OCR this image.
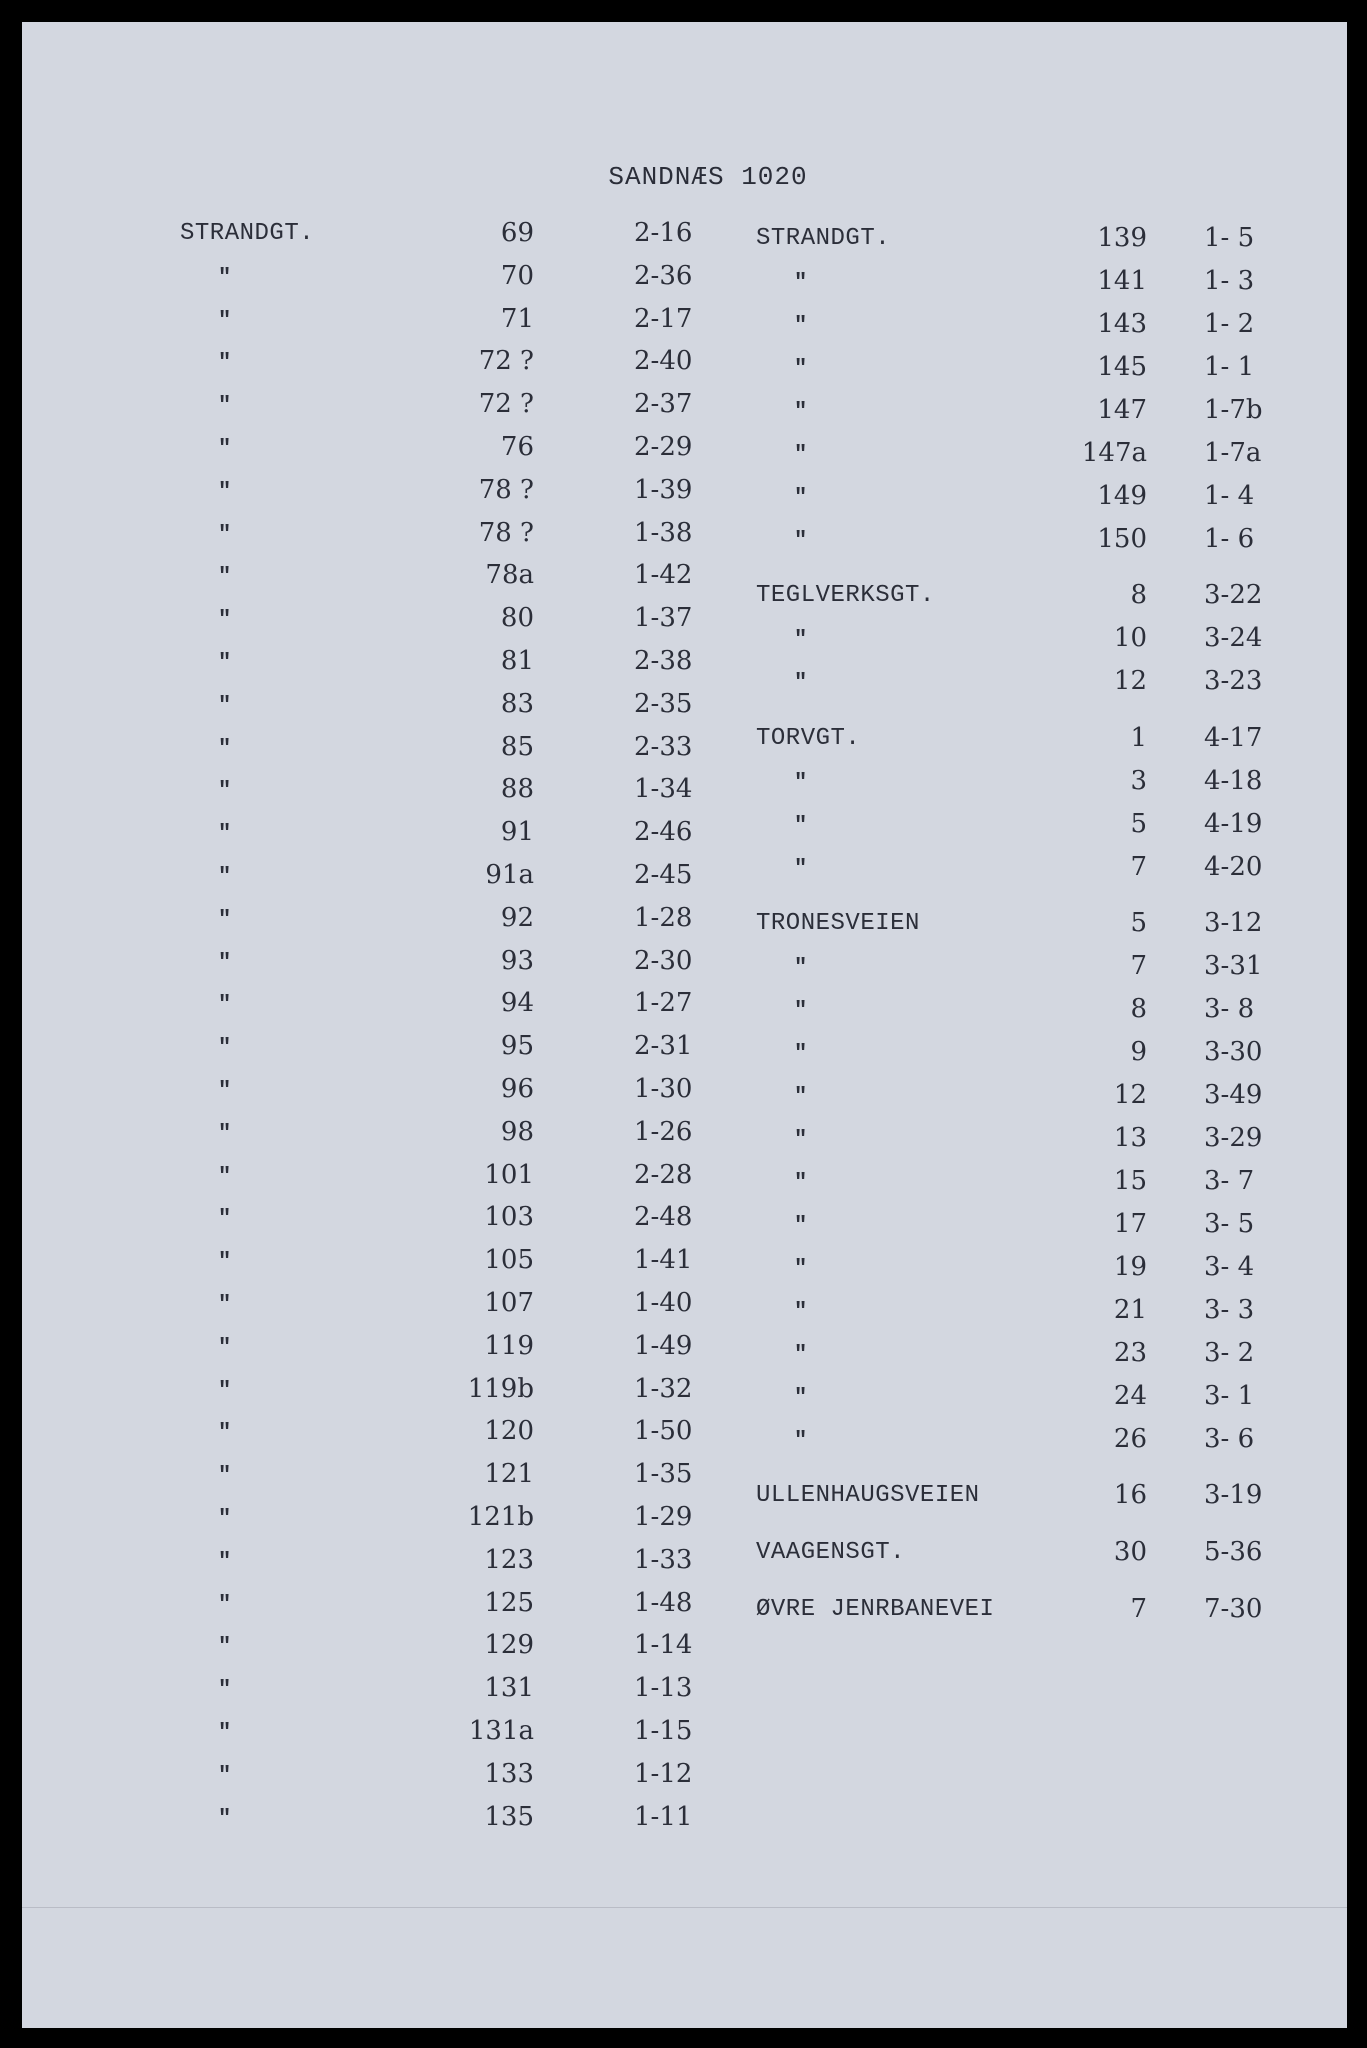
SANDNÆS 1020
STRANDGT.	69	2-16
"	70	2-36
"	71	2-17
"	72 ?	2-40
"	72 ?	2-37
"	76	2-29
"	78 ?	1-39
"	78 ?	1-38
"	78a	1-42
"	80	1-37
"	81	2-38
"	83	2-35
"	85	2-33
"	88	1-34
"	91	2-46
"	91a	2-45
"	92	1-28
"	93	2-30
"	94	1-27
"	95	2-31
"	96	1-30
"	98	1-26
"	101	2-28
"	103	2-48
"	105	1-41
"	107	1-40
"	119	1-49
"	119b	1-32
"	120	1-50
"	121	1-35
"	121b	1-29
"	123	1-33
"	125	1-48
"	129	1-14
"	131	1-13
"	131a	1-15
"	133	1-12
"	135	1-11
STRANDGT.	139 1- 5
"	141 1- 3
"	143 1- 2
"	145 1- 1
"	147 1-7b
"	147a 1-7a
"	149 1- 4
"	150 1- 6
TEGLVERKSGT.	8 3-22
"	10 3-24
"	12 3-23
TORVGT.	1 4-17
"	3 4-18
"	5 4-19
"	7 4-20
TRONESVEIEN	5 3-12
"	7 3-31
"	8 3- 8
"	9 3-30
"	12 3-49
"	13 3-29
"	15 3- 7
"	17 3- 5
"	19 3- 4
"	21 3- 3
"	23 3- 2
"	24 3- 1
"	26 3- 6
ULLENHAUGSVEIEN	16 3-19
VAAGENSGT.	30 5-36
ØVRE JENRBANEVEI	7 7-30
